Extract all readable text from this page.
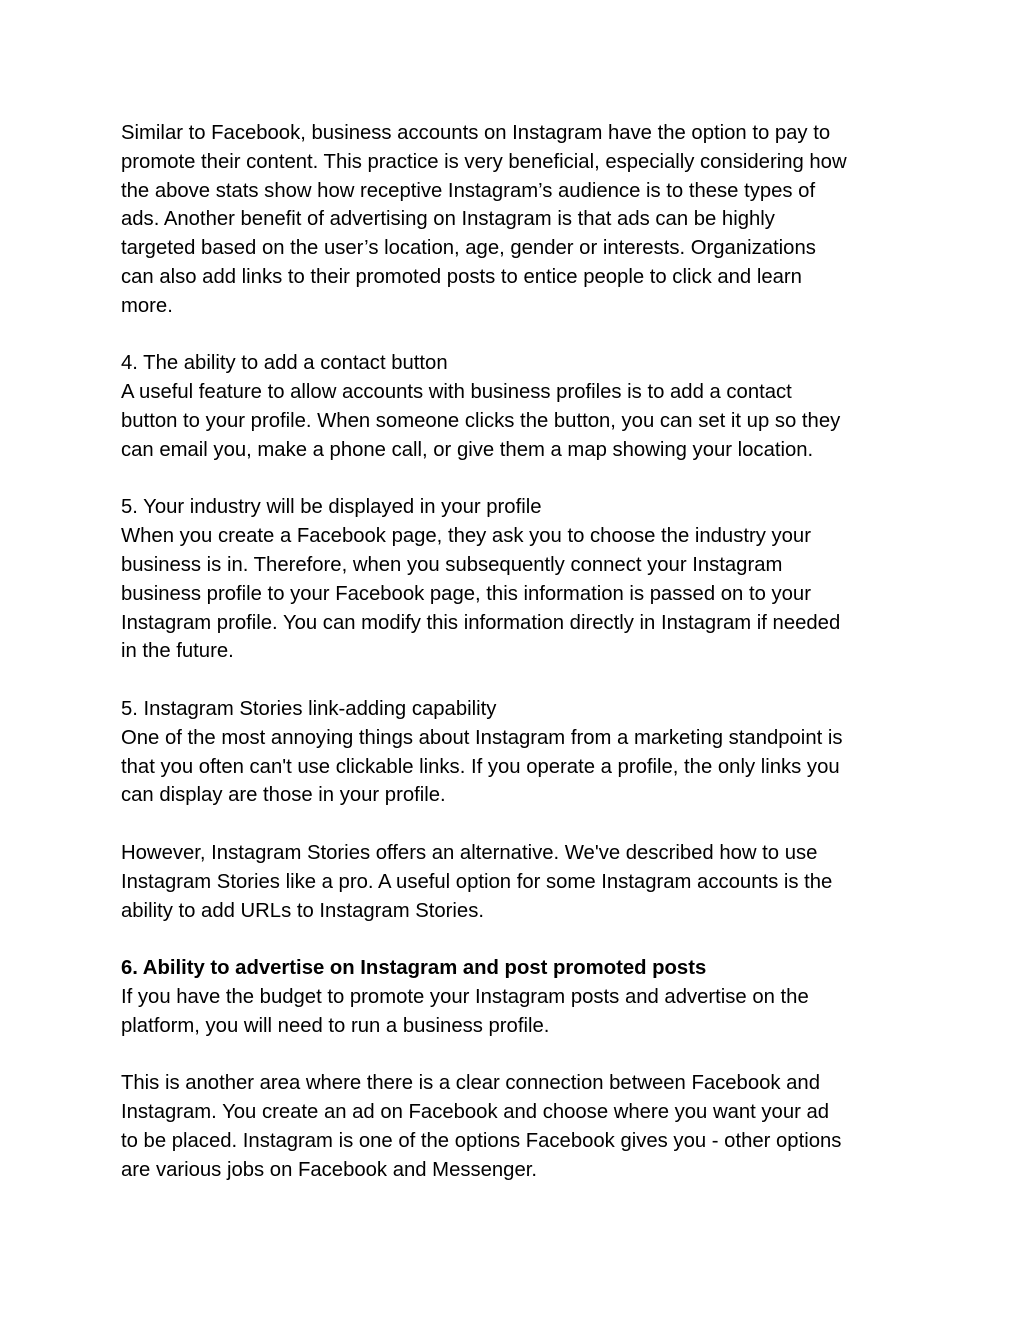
Similar to Facebook, business accounts on Instagram have the option to pay to
promote their content. This practice is very beneficial, especially considering how
the above stats show how receptive Instagram’s audience is to these types of
ads. Another benefit of advertising on Instagram is that ads can be highly
targeted based on the user’s location, age, gender or interests. Organizations
can also add links to their promoted posts to entice people to click and learn
more.
4. The ability to add a contact button
A useful feature to allow accounts with business profiles is to add a contact
button to your profile. When someone clicks the button, you can set it up so they
can email you, make a phone call, or give them a map showing your location.
5. Your industry will be displayed in your profile
When you create a Facebook page, they ask you to choose the industry your
business is in. Therefore, when you subsequently connect your Instagram
business profile to your Facebook page, this information is passed on to your
Instagram profile. You can modify this information directly in Instagram if needed
in the future.
5. Instagram Stories link-adding capability
One of the most annoying things about Instagram from a marketing standpoint is
that you often can't use clickable links. If you operate a profile, the only links you
can display are those in your profile.
However, Instagram Stories offers an alternative. We've described how to use
Instagram Stories like a pro. A useful option for some Instagram accounts is the
ability to add URLs to Instagram Stories.
6. Ability to advertise on Instagram and post promoted posts
If you have the budget to promote your Instagram posts and advertise on the
platform, you will need to run a business profile.
This is another area where there is a clear connection between Facebook and
Instagram. You create an ad on Facebook and choose where you want your ad
to be placed. Instagram is one of the options Facebook gives you - other options
are various jobs on Facebook and Messenger.
